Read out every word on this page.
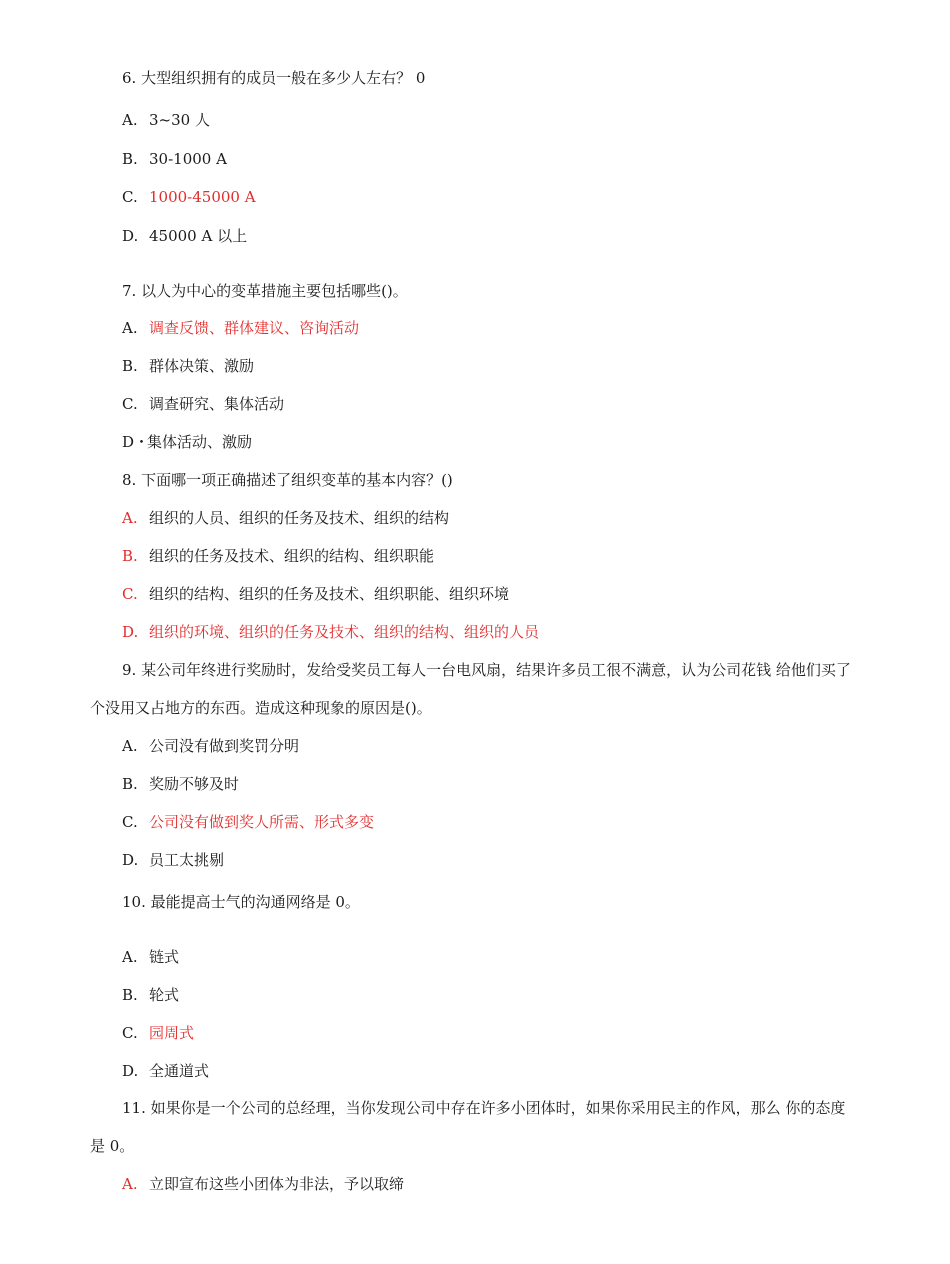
6. 大型组织拥有的成员一般在多少人左右？ 0
A. 3~30 人
B. 30-1000 A
C. 1000-45000 A
D. 45000 A 以上
7. 以人为中心的变革措施主要包括哪些()。
A. 调查反馈、群体建议、咨询活动
B. 群体决策、激励
C. 调查研究、集体活动
D・集体活动、激励
8. 下面哪一项正确描述了组织变革的基本内容？()
A. 组织的人员、组织的任务及技术、组织的结构
B. 组织的任务及技术、组织的结构、组织职能
C. 组织的结构、组织的任务及技术、组织职能、组织环境
D. 组织的环境、组织的任务及技术、组织的结构、组织的人员
9. 某公司年终进行奖励时，发给受奖员工每人一台电风扇，结果许多员工很不满意，认为公司花钱 给他们买了个没用又占地方的东西。造成这种现象的原因是()。
A. 公司没有做到奖罚分明
B. 奖励不够及时
C. 公司没有做到奖人所需、形式多变
D. 员工太挑剔
10. 最能提高士气的沟通网络是 0。
A. 链式
B. 轮式
C. 园周式
D. 全通道式
11. 如果你是一个公司的总经理，当你发现公司中存在许多小团体时，如果你采用民主的作风，那么 你的态度是 0。
A. 立即宣布这些小团体为非法，予以取缔
